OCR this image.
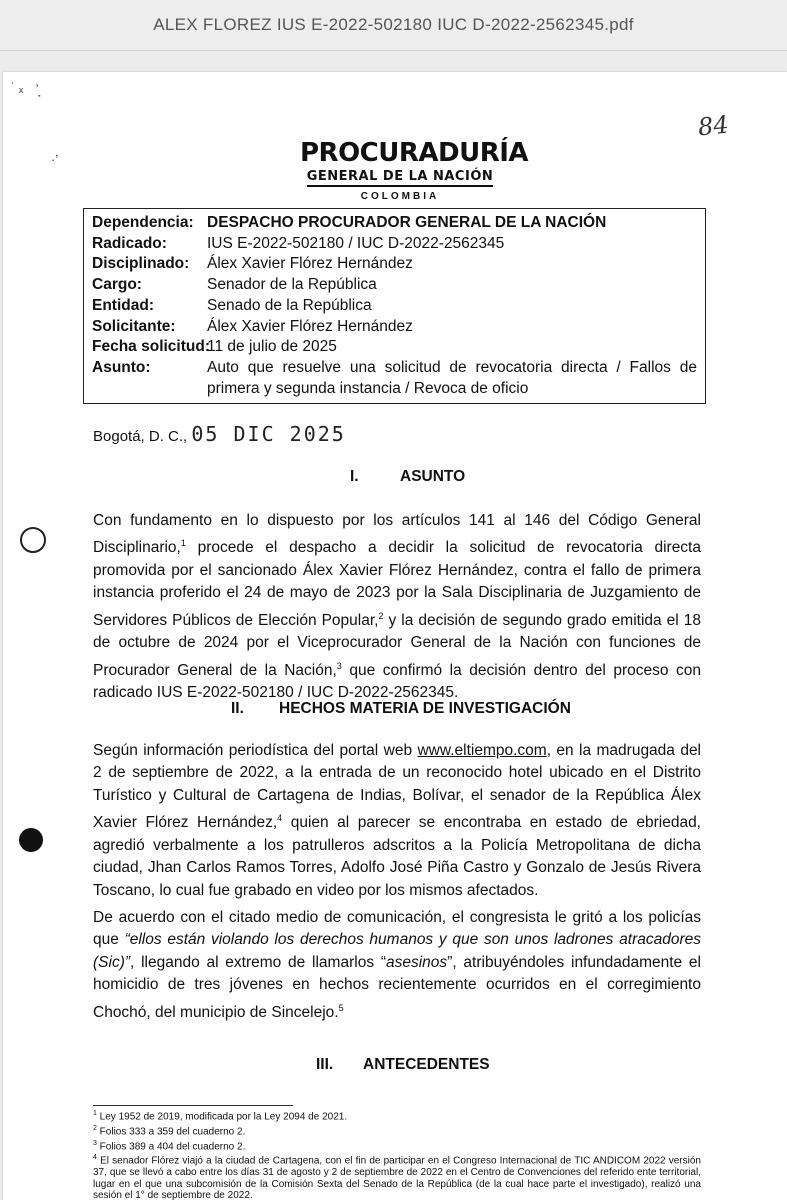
ALEX FLOREZ IUS E-2022-502180 IUC D-2022-2562345.pdf
˙ ₓ ʾ̣
·ʼ
84
PROCURADURÍA
GENERAL DE LA NACIÓN
COLOMBIA
Dependencia: DESPACHO PROCURADOR GENERAL DE LA NACIÓN
Radicado:	IUS E-2022-502180 / IUC D-2022-2562345
Disciplinado:	Álex Xavier Flórez Hernández
Cargo:	Senador de la República
Entidad:	Senado de la República
Solicitante:	Álex Xavier Flórez Hernández
Fecha solicitud:
11 de julio de 2025
Asunto:	Auto que resuelve una solicitud de revocatoria directa / Fallos de primera y segunda instancia / Revoca de oficio
Bogotá, D. C., 05 DIC 2025
I.	ASUNTO
Con fundamento en lo dispuesto por los artículos 141 al 146 del Código General Disciplinario,$^1$ procede el despacho a decidir la solicitud de revocatoria directa promovida por el sancionado Álex Xavier Flórez Hernández, contra el fallo de primera instancia proferido el 24 de mayo de 2023 por la Sala Disciplinaria de Juzgamiento de Servidores Públicos de Elección Popular,$^2$ y la decisión de segundo grado emitida el 18 de octubre de 2024 por el Viceprocurador General de la Nación con funciones de Procurador General de la Nación,$^3$ que confirmó la decisión dentro del proceso con radicado IUS E-2022-502180 / IUC D-2022-2562345.
II. HECHOS MATERIA DE INVESTIGACIÓN
Según información periodística del portal web www.eltiempo.com, en la madrugada del 2 de septiembre de 2022, a la entrada de un reconocido hotel ubicado en el Distrito Turístico y Cultural de Cartagena de Indias, Bolívar, el senador de la República Álex Xavier Flórez Hernández,$^4$ quien al parecer se encontraba en estado de ebriedad, agredió verbalmente a los patrulleros adscritos a la Policía Metropolitana de dicha ciudad, Jhan Carlos Ramos Torres, Adolfo José Piña Castro y Gonzalo de Jesús Rivera Toscano, lo cual fue grabado en video por los mismos afectados.
De acuerdo con el citado medio de comunicación, el congresista le gritó a los policías que “ellos están violando los derechos humanos y que son unos ladrones atracadores (Sic)”, llegando al extremo de llamarlos “asesinos”, atribuyéndoles infundadamente el homicidio de tres jóvenes en hechos recientemente ocurridos en el corregimiento Chochó, del municipio de Sincelejo.$^5$
III. ANTECEDENTES
$^1$ Ley 1952 de 2019, modificada por la Ley 2094 de 2021.
$^2$ Folios 333 a 359 del cuaderno 2.
$^3$ Folios 389 a 404 del cuaderno 2.
$^4$ El senador Flórez viajó a la ciudad de Cartagena, con el fin de participar en el Congreso Internacional de TIC ANDICOM 2022 versión 37, que se llevó a cabo entre los días 31 de agosto y 2 de septiembre de 2022 en el Centro de Convenciones del referido ente territorial, lugar en el que una subcomisión de la Comisión Sexta del Senado de la República (de la cual hace parte el investigado), realizó una sesión el 1° de septiembre de 2022.
